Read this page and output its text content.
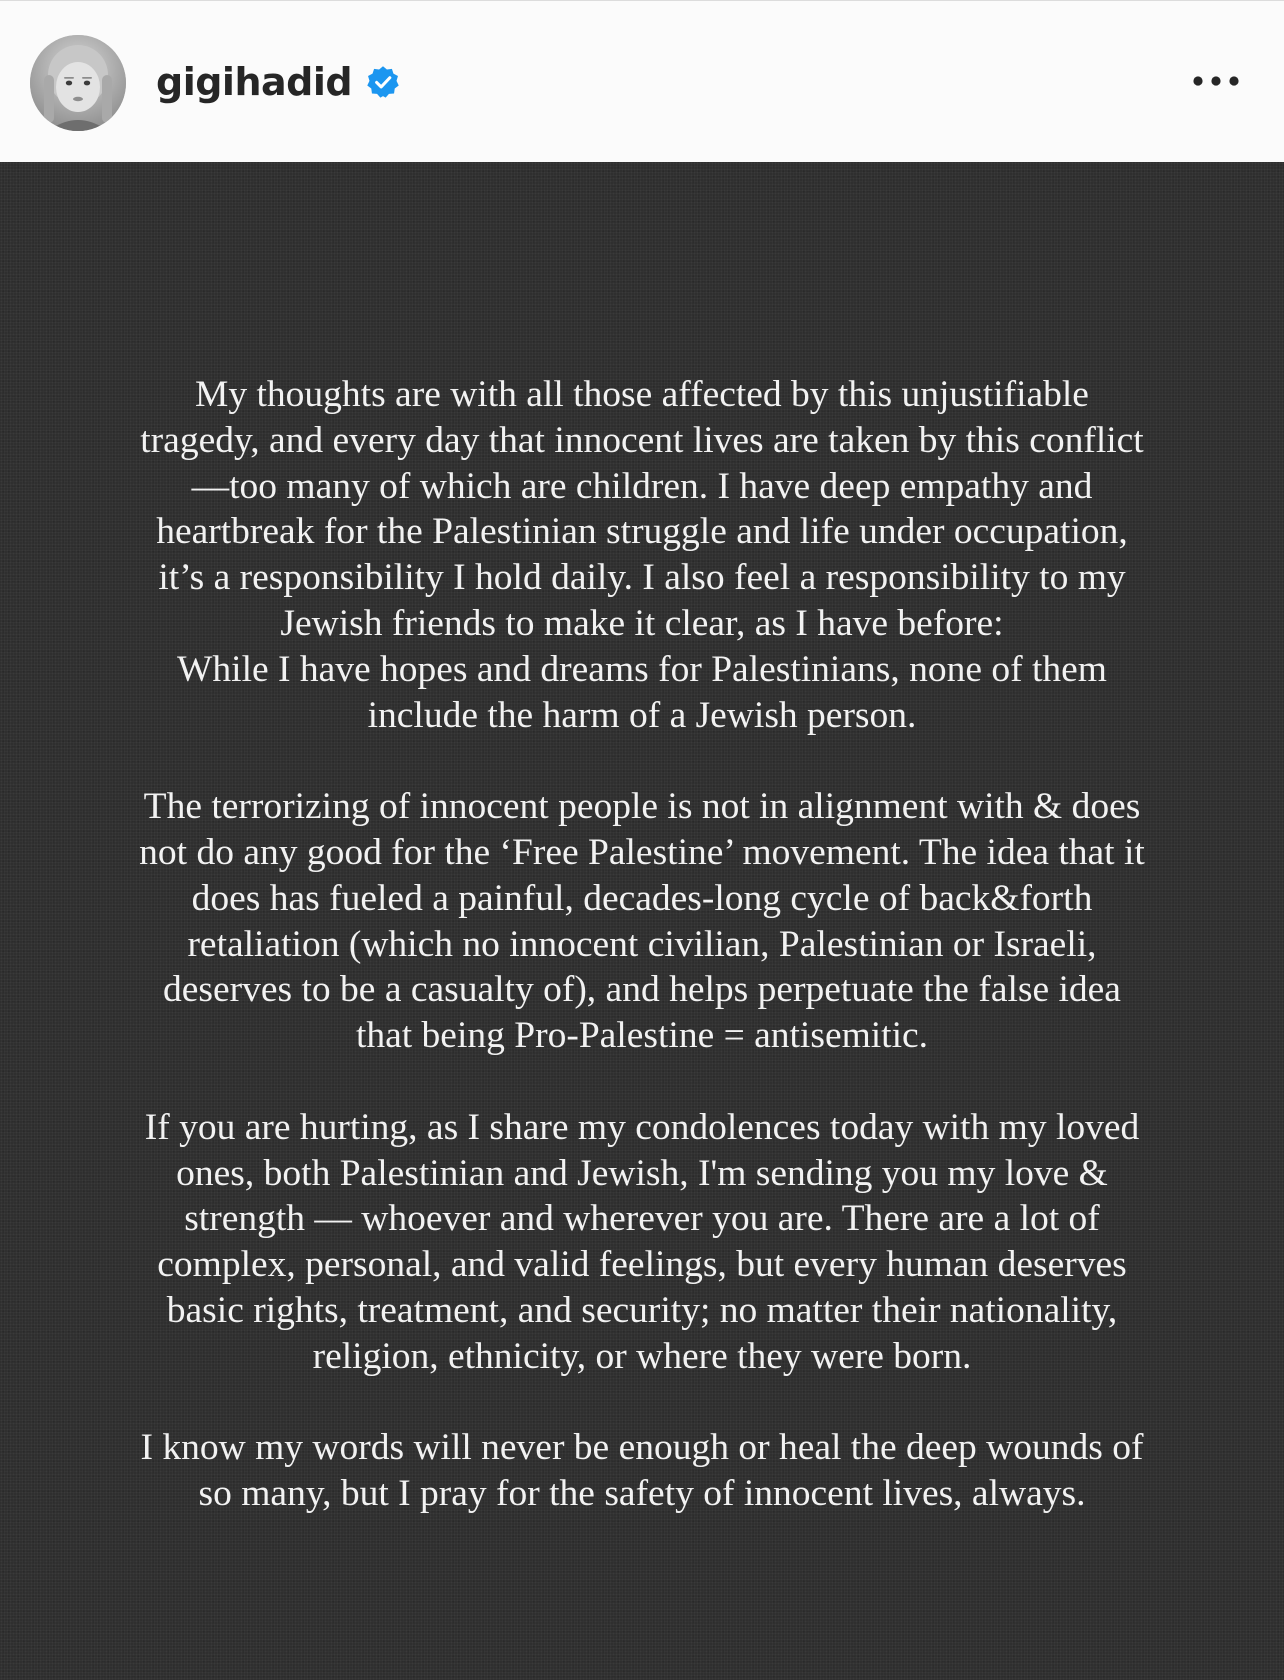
gigihadid

My thoughts are with all those affected by this unjustifiable
tragedy, and every day that innocent lives are taken by this conflict
—too many of which are children. I have deep empathy and
heartbreak for the Palestinian struggle and life under occupation,
it’s a responsibility I hold daily. I also feel a responsibility to my
Jewish friends to make it clear, as I have before:
While I have hopes and dreams for Palestinians, none of them
include the harm of a Jewish person.

The terrorizing of innocent people is not in alignment with & does
not do any good for the ‘Free Palestine’ movement. The idea that it
does has fueled a painful, decades-long cycle of back&forth
retaliation (which no innocent civilian, Palestinian or Israeli,
deserves to be a casualty of), and helps perpetuate the false idea
that being Pro-Palestine = antisemitic.

If you are hurting, as I share my condolences today with my loved
ones, both Palestinian and Jewish, I'm sending you my love &
strength — whoever and wherever you are. There are a lot of
complex, personal, and valid feelings, but every human deserves
basic rights, treatment, and security; no matter their nationality,
religion, ethnicity, or where they were born.

I know my words will never be enough or heal the deep wounds of
so many, but I pray for the safety of innocent lives, always.
